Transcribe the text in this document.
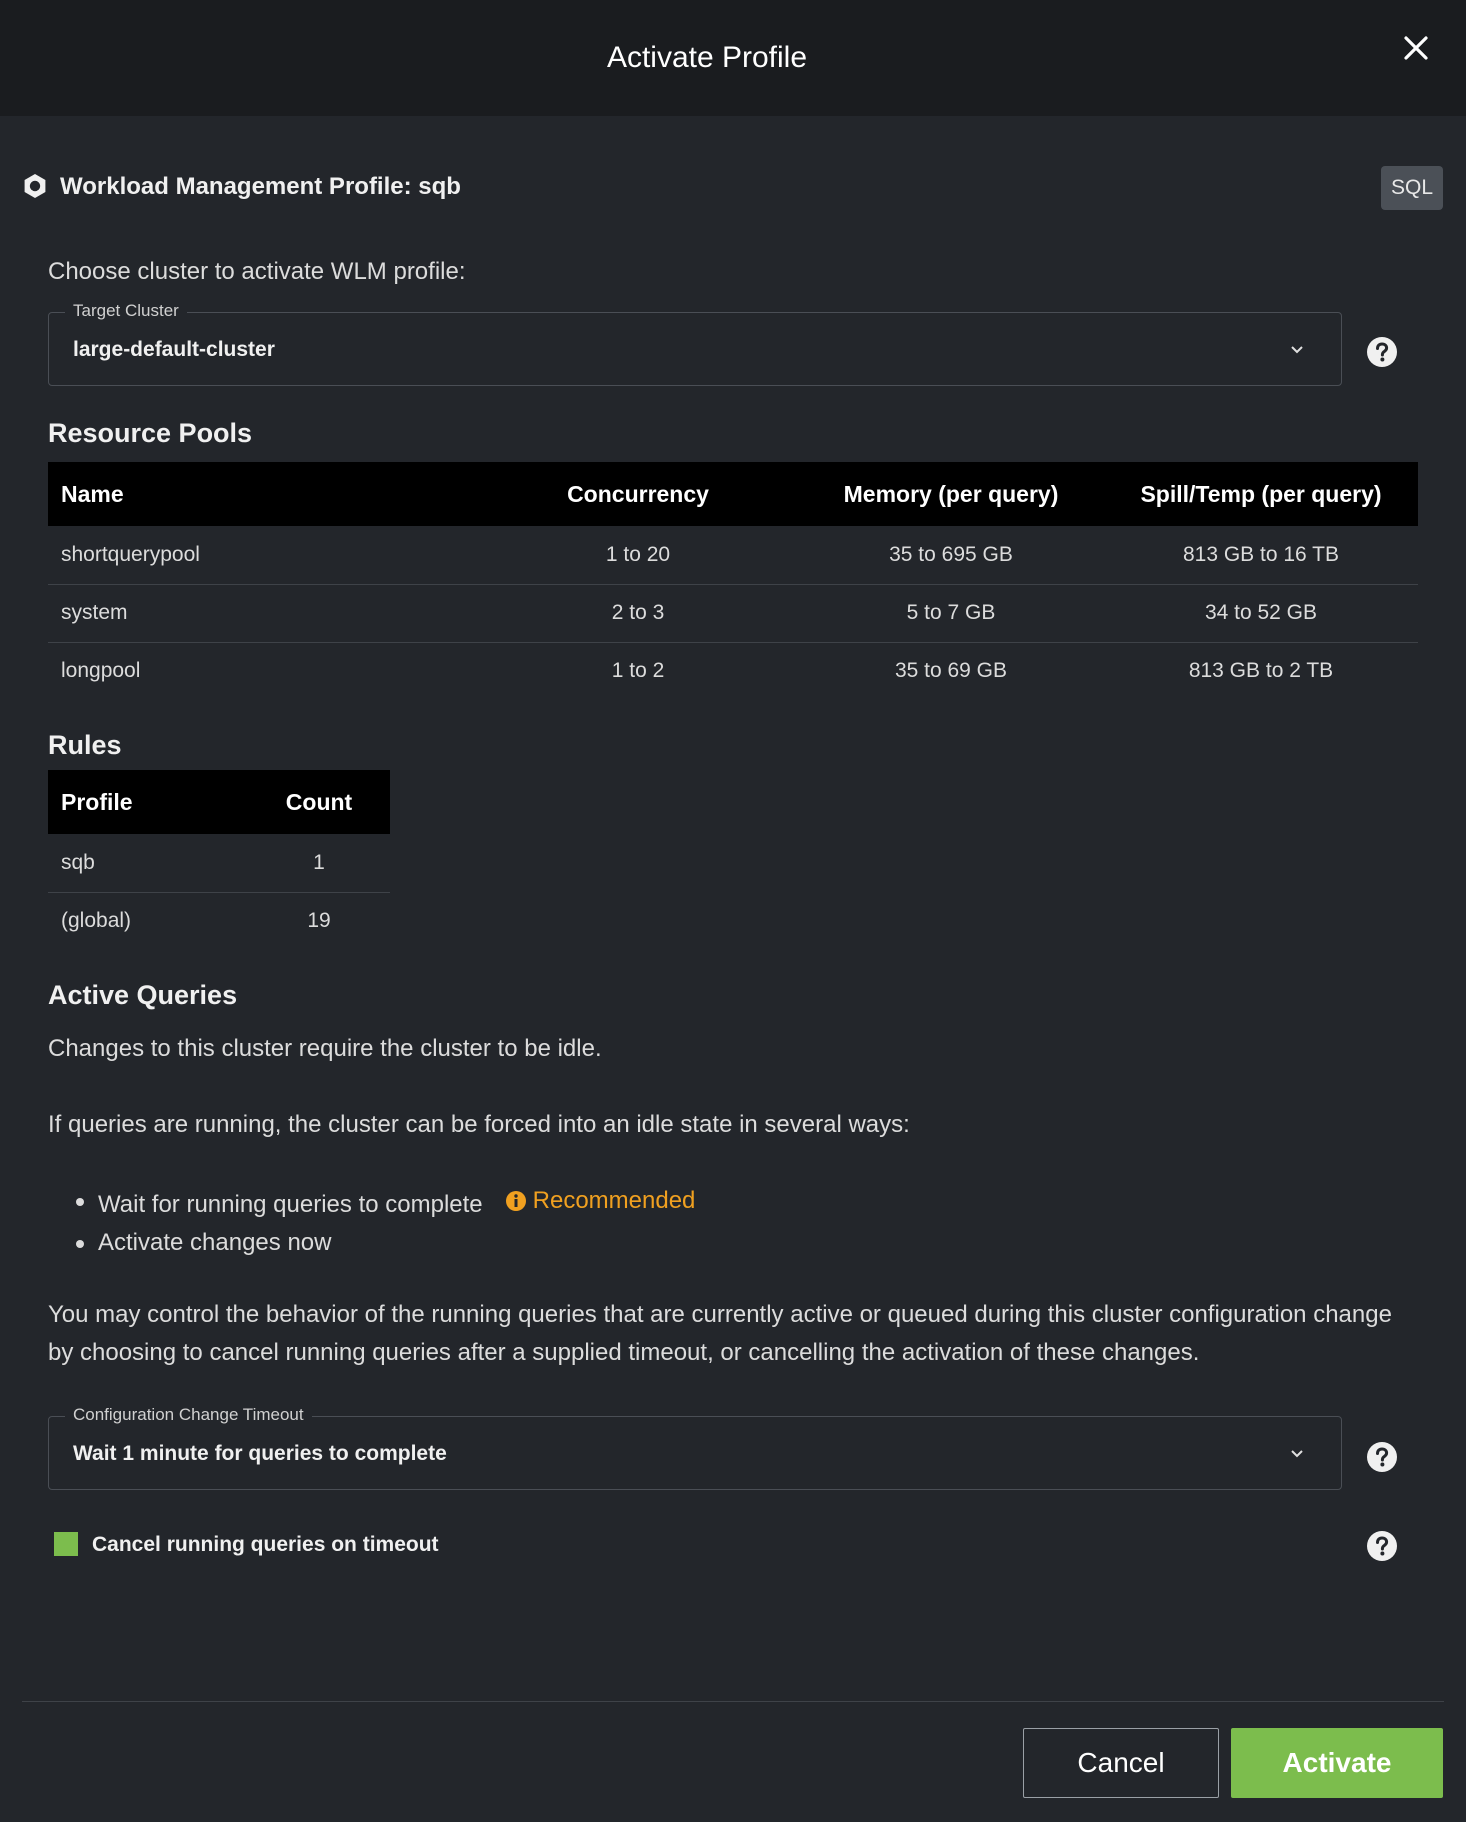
Activate Profile
Workload Management Profile: sqb	SQL
Choose cluster to activate WLM profile:
Target Cluster
large-default-cluster
Resource Pools
Name	Concurrency	Memory (per query)	Spill/Temp (per query)
shortquerypool	1 to 20	35 to 695 GB	813 GB to 16 TB
system	2 to 3	5 to 7 GB	34 to 52 GB
longpool	1 to 2	35 to 69 GB	813 GB to 2 TB
Rules
Profile	Count
sqb	1
(global)	19
Active Queries
Changes to this cluster require the cluster to be idle.
If queries are running, the cluster can be forced into an idle state in several ways:
Wait for running queries to complete Recommended
Activate changes now
You may control the behavior of the running queries that are currently active or queued during this cluster configuration change by choosing to cancel running queries after a supplied timeout, or cancelling the activation of these changes.
Configuration Change Timeout
Wait 1 minute for queries to complete
Cancel running queries on timeout
Cancel	Activate
